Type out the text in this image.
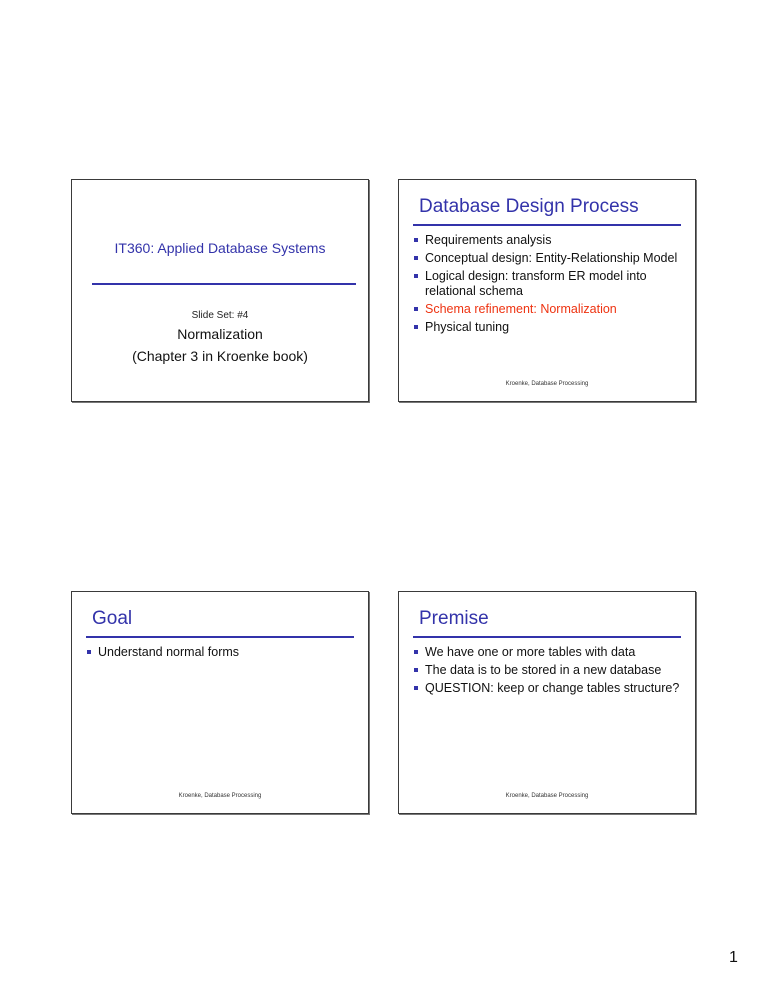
IT360: Applied Database Systems
Slide Set: #4
Normalization
(Chapter 3 in Kroenke book)
Database Design Process
Requirements analysis
Conceptual design: Entity-Relationship Model
Logical design: transform ER model into relational schema
Schema refinement: Normalization
Physical tuning
Kroenke, Database Processing
Goal
Understand normal forms
Kroenke, Database Processing
Premise
We have one or more tables with data
The data is to be stored in a new database
QUESTION: keep or change tables structure?
Kroenke, Database Processing
1
